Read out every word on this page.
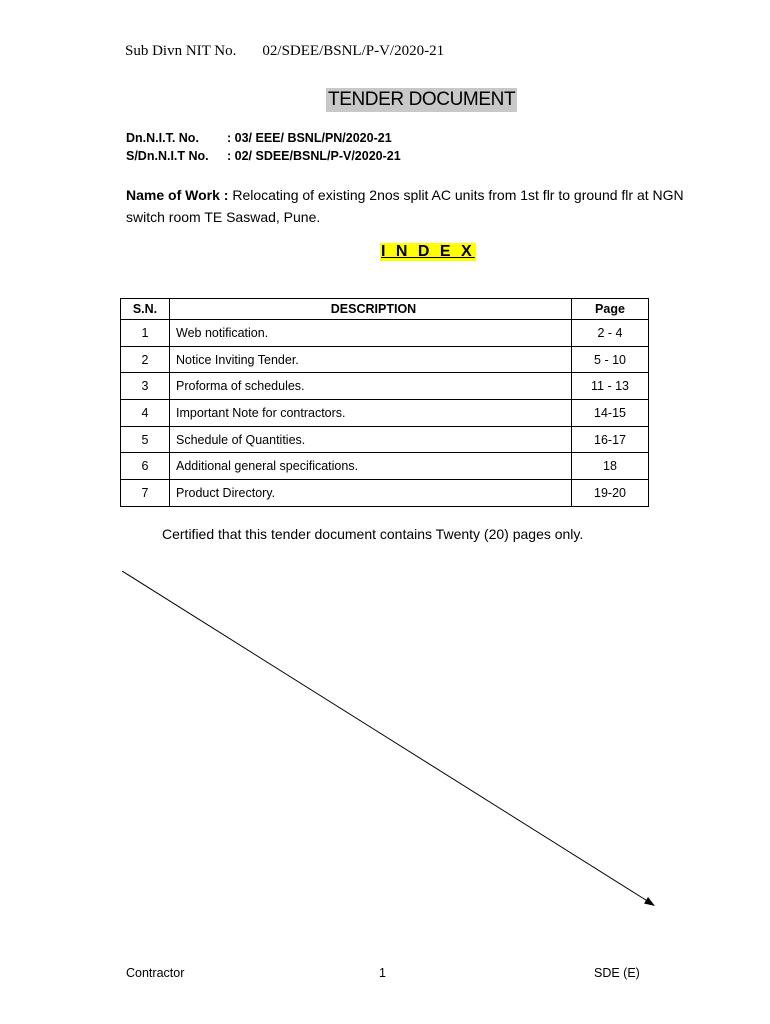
Sub Divn NIT No. 02/SDEE/BSNL/P-V/2020-21
TENDER DOCUMENT
Dn.N.I.T. No. : 03/ EEE/ BSNL/PN/2020-21
S/Dn.N.I.T No. : 02/ SDEE/BSNL/P-V/2020-21
Name of Work : Relocating of existing 2nos split AC units from 1st flr to ground flr at NGN switch room TE Saswad, Pune.
I N D E X
S.N.	DESCRIPTION	Page
1	Web notification.	2 - 4
2	Notice Inviting Tender.	5 - 10
3	Proforma of schedules.	11 - 13
4	Important Note for contractors.	14-15
5	Schedule of Quantities.	16-17
6	Additional general specifications.	18
7	Product Directory.	19-20
Certified that this tender document contains Twenty (20) pages only.
Contractor	1	SDE (E)
